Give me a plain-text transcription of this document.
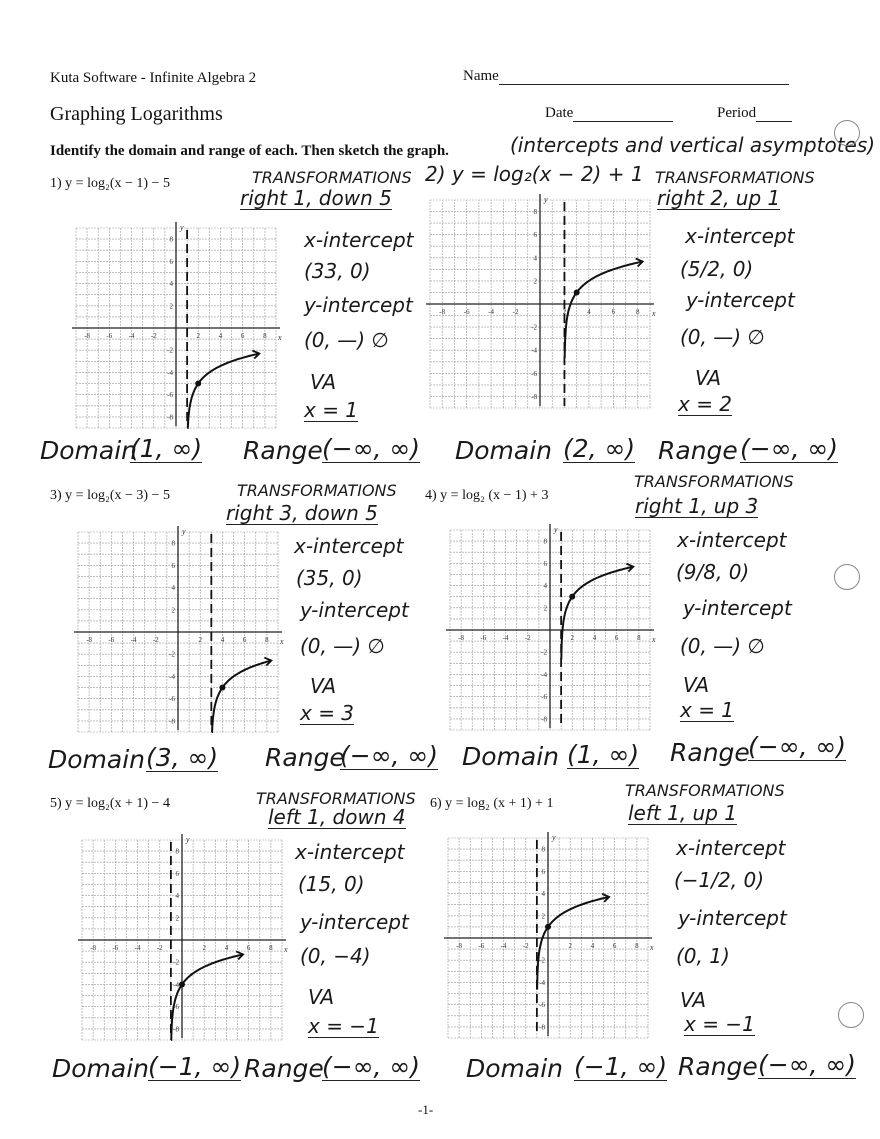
Kuta Software - Infinite Algebra 2	Name
Graphing Logarithms	Date	Period
Identify the domain and range of each. Then sketch the graph.	(intercepts and vertical asymptotes)
1) y = log₂(x − 1) − 5	TRANSFORMATIONS
right 1, down 5
-8
-8
-6
-6
-4
-4
-2
-2
2
2
4
4
6
6
8
8
x
y
x-intercept
(33, 0)
y-intercept
(0, —) ∅
VA
x = 1
Domain
(1, ∞) Range (−∞, ∞)
2) y = log₂(x − 2) + 1 TRANSFORMATIONS
right 2, up 1
-8
-8
-6
-6
-4
-4
-2
-2
2
2
4
4
6
6
8
8
x
y
x-intercept
(5/2, 0)
y-intercept
(0, —) ∅
VA
x = 2
Domain (2, ∞) Range (−∞, ∞)
3) y = log₂(x − 3) − 5	TRANSFORMATIONS
right 3, down 5
-8
-8
-6
-6
-4
-4
-2
-2
2
2
4
4
6
6
8
8
x
y
x-intercept
(35, 0)
y-intercept
(0, —) ∅
VA
x = 3
Domain (3, ∞) Range
(−∞, ∞)
4) y = log₂ (x − 1) + 3
TRANSFORMATIONS
right 1, up 3
-8
-8
-6
-6
-4
-4
-2
-2
2
2
4
4
6
6
8
8
x
y	x-intercept
(9/8, 0)
y-intercept
(0, —) ∅
VA
x = 1
Domain (1, ∞) Range
(−∞, ∞)
5) y = log₂(x + 1) − 4	TRANSFORMATIONS
left 1, down 4
-8
-8
-6
-6
-4
-4
-2
-2
2
2
4
4
6
6
8
8
x
y
x-intercept
(15, 0)
y-intercept
(0, −4)
VA
x = −1
Domain
(−1, ∞) Range
(−∞, ∞)
6) y = log₂ (x + 1) + 1
TRANSFORMATIONS
left 1, up 1
-8
-8
-6
-6
-4
-4
-2
-2
2
2
4
4
6
6
8
8
x
y	x-intercept
(−1/2, 0)
y-intercept
(0, 1)
VA
x = −1
Domain (−1, ∞) Range (−∞, ∞)
-1-
